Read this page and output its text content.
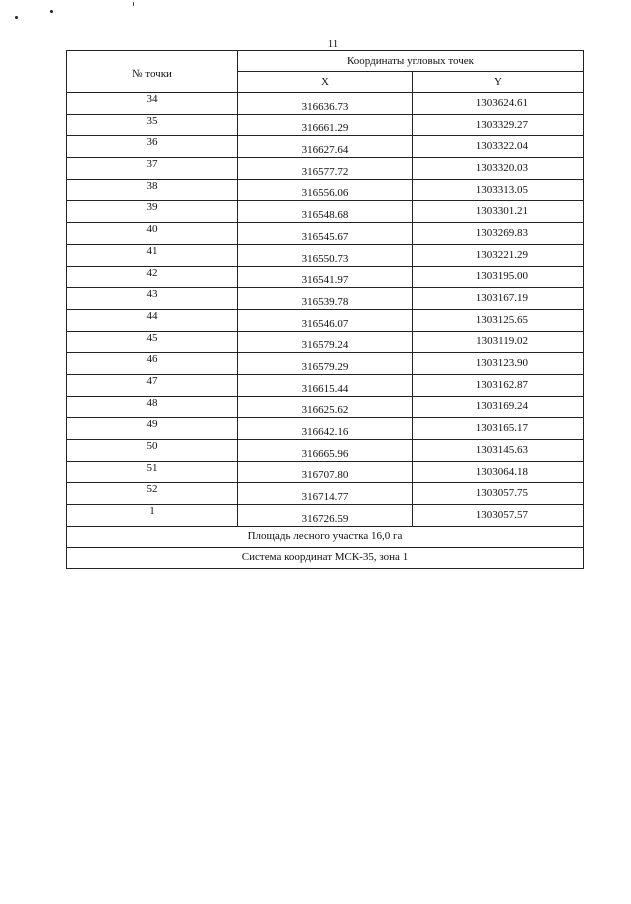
11
№ точки	Координаты угловых точек	
	X	Y
34	316636.73	1303624.61
35	316661.29	1303329.27
36	316627.64	1303322.04
37	316577.72	1303320.03
38	316556.06	1303313.05
39	316548.68	1303301.21
40	316545.67	1303269.83
41	316550.73	1303221.29
42	316541.97	1303195.00
43	316539.78	1303167.19
44	316546.07	1303125.65
45	316579.24	1303119.02
46	316579.29	1303123.90
47	316615.44	1303162.87
48	316625.62	1303169.24
49	316642.16	1303165.17
50	316665.96	1303145.63
51	316707.80	1303064.18
52	316714.77	1303057.75
1	316726.59	1303057.57
Площадь лесного участка 16,0 га		
Система координат МСК-35, зона 1		
